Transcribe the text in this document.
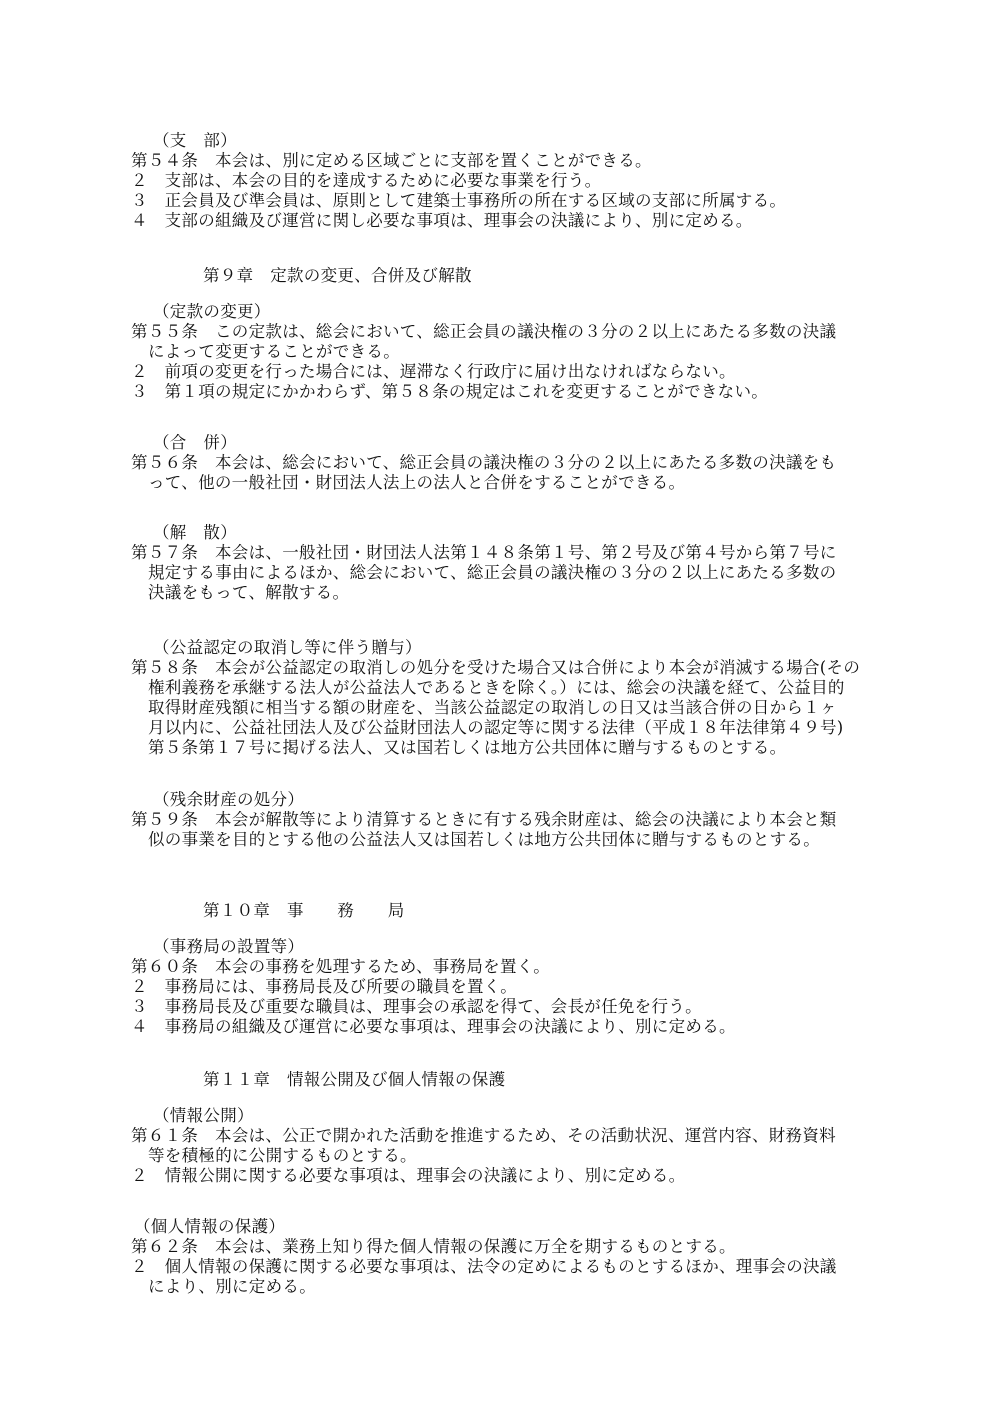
（支　部）
第５４条　本会は、別に定める区域ごとに支部を置くことができる。
２　支部は、本会の目的を達成するために必要な事業を行う。
３　正会員及び準会員は、原則として建築士事務所の所在する区域の支部に所属する。
４　支部の組織及び運営に関し必要な事項は、理事会の決議により、別に定める。
第９章　定款の変更、合併及び解散
（定款の変更）
第５５条　この定款は、総会において、総正会員の議決権の３分の２以上にあたる多数の決議
によって変更することができる。
２　前項の変更を行った場合には、遅滞なく行政庁に届け出なければならない。
３　第１項の規定にかかわらず、第５８条の規定はこれを変更することができない。
（合　併）
第５６条　本会は、総会において、総正会員の議決権の３分の２以上にあたる多数の決議をも
って、他の一般社団・財団法人法上の法人と合併をすることができる。
（解　散）
第５７条　本会は、一般社団・財団法人法第１４８条第１号、第２号及び第４号から第７号に
規定する事由によるほか、総会において、総正会員の議決権の３分の２以上にあたる多数の
決議をもって、解散する。
（公益認定の取消し等に伴う贈与）
第５８条　本会が公益認定の取消しの処分を受けた場合又は合併により本会が消滅する場合(その
権利義務を承継する法人が公益法人であるときを除く。）には、総会の決議を経て、公益目的
取得財産残額に相当する額の財産を、当該公益認定の取消しの日又は当該合併の日から１ヶ
月以内に、公益社団法人及び公益財団法人の認定等に関する法律（平成１８年法律第４９号)
第５条第１７号に掲げる法人、又は国若しくは地方公共団体に贈与するものとする。
（残余財産の処分）
第５９条　本会が解散等により清算するときに有する残余財産は、総会の決議により本会と類
似の事業を目的とする他の公益法人又は国若しくは地方公共団体に贈与するものとする。
第１０章　事　　務　　局
（事務局の設置等）
第６０条　本会の事務を処理するため、事務局を置く。
２　事務局には、事務局長及び所要の職員を置く。
３　事務局長及び重要な職員は、理事会の承認を得て、会長が任免を行う。
４　事務局の組織及び運営に必要な事項は、理事会の決議により、別に定める。
第１１章　情報公開及び個人情報の保護
（情報公開）
第６１条　本会は、公正で開かれた活動を推進するため、その活動状況、運営内容、財務資料
等を積極的に公開するものとする。
２　情報公開に関する必要な事項は、理事会の決議により、別に定める。
（個人情報の保護）
第６２条　本会は、業務上知り得た個人情報の保護に万全を期するものとする。
２　個人情報の保護に関する必要な事項は、法令の定めによるものとするほか、理事会の決議
により、別に定める。
